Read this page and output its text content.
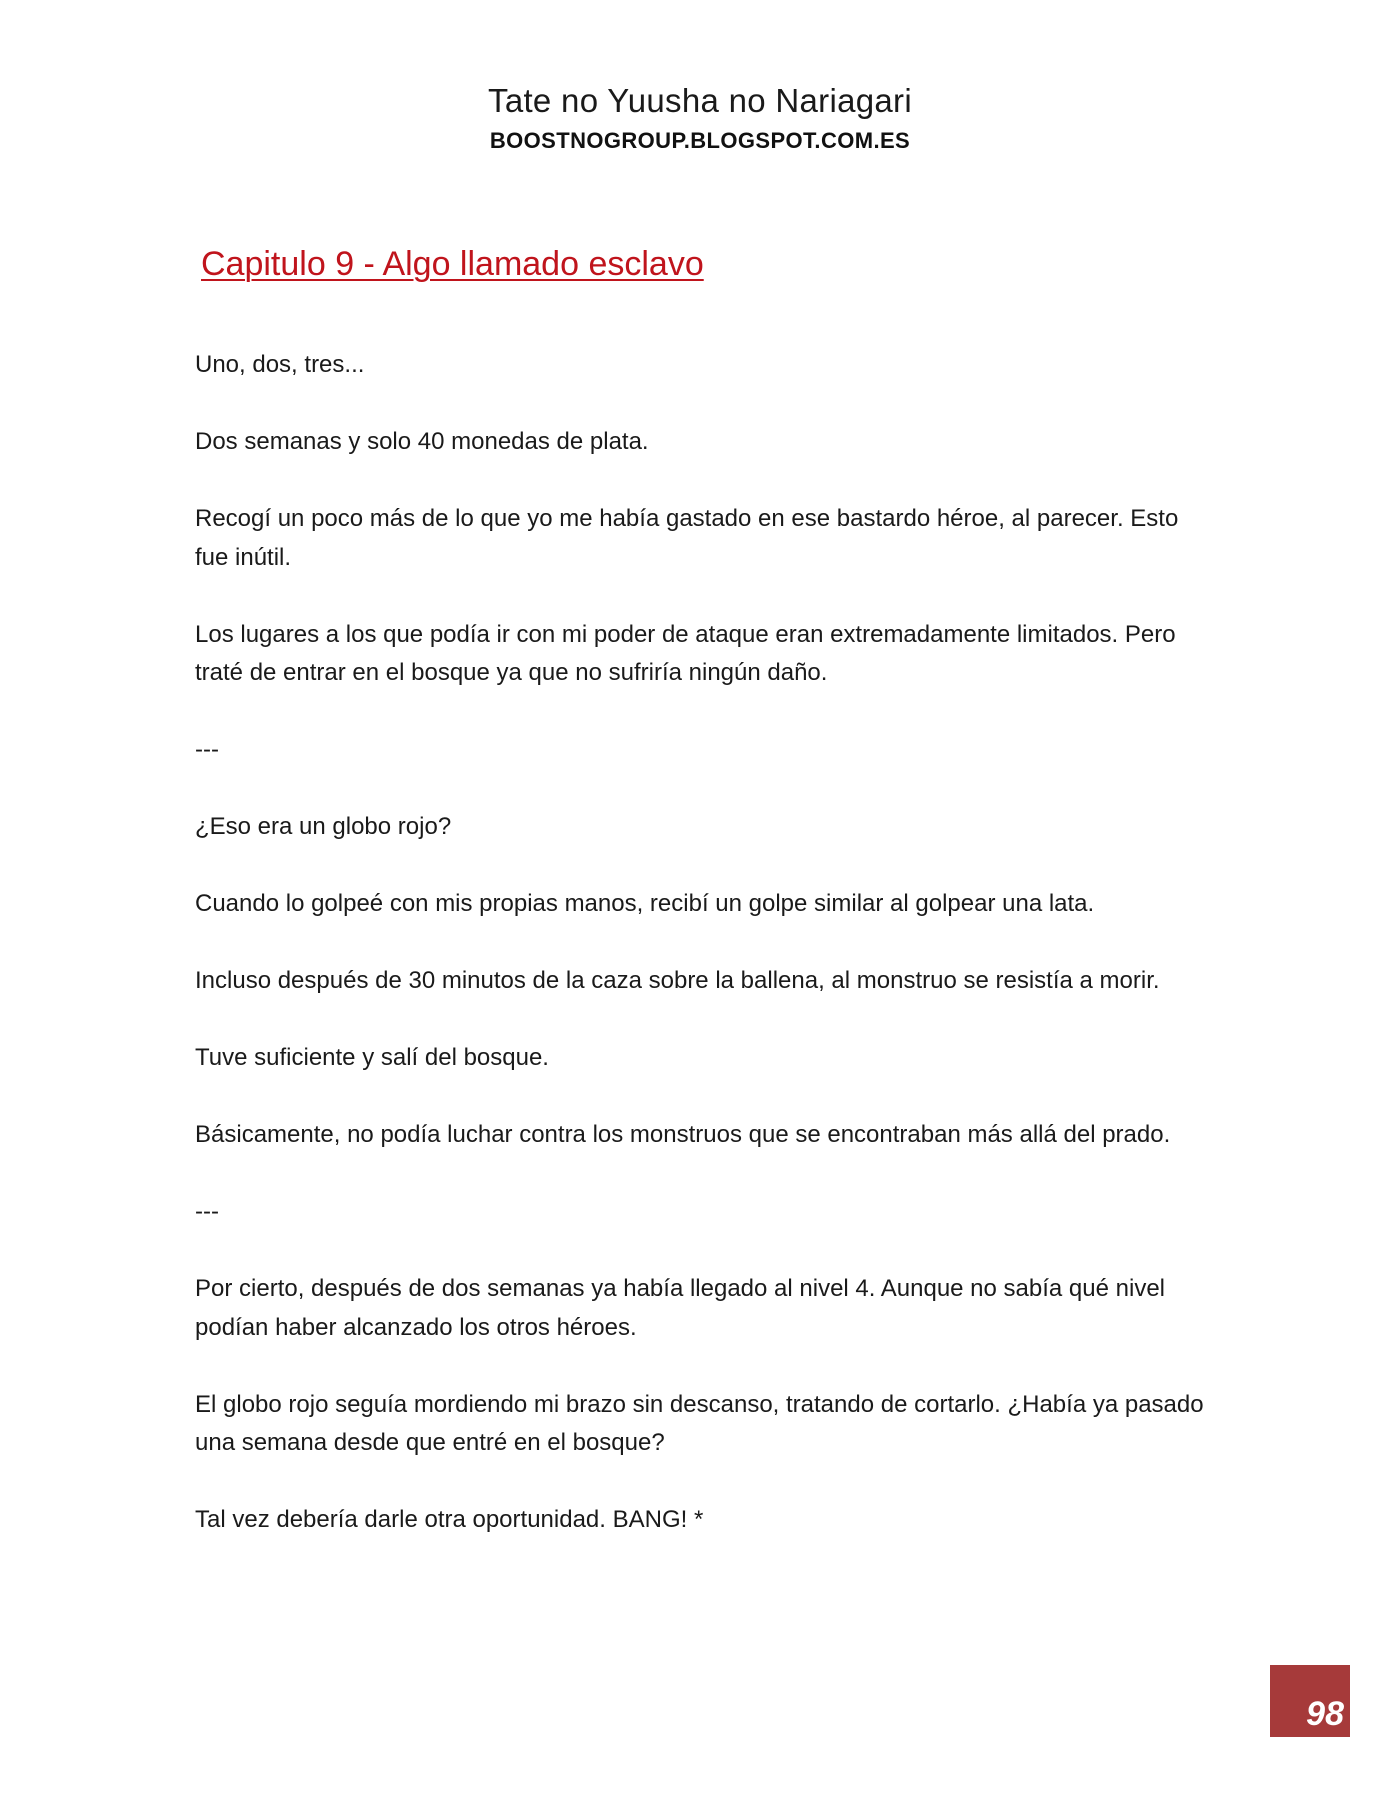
Tate no Yuusha no Nariagari
BOOSTNOGROUP.BLOGSPOT.COM.ES
Capitulo 9 - Algo llamado esclavo

Uno, dos, tres...

Dos semanas y solo 40 monedas de plata.

Recogí un poco más de lo que yo me había gastado en ese bastardo héroe, al parecer. Esto fue inútil.

Los lugares a los que podía ir con mi poder de ataque eran extremadamente limitados. Pero traté de entrar en el bosque ya que no sufriría ningún daño.

---

¿Eso era un globo rojo?

Cuando lo golpeé con mis propias manos, recibí un golpe similar al golpear una lata.

Incluso después de 30 minutos de la caza sobre la ballena, al monstruo se resistía a morir.

Tuve suficiente y salí del bosque.

Básicamente, no podía luchar contra los monstruos que se encontraban más allá del prado.

---

Por cierto, después de dos semanas ya había llegado al nivel 4. Aunque no sabía qué nivel podían haber alcanzado los otros héroes.

El globo rojo seguía mordiendo mi brazo sin descanso, tratando de cortarlo. ¿Había ya pasado una semana desde que entré en el bosque?

Tal vez debería darle otra oportunidad. BANG! *

98
